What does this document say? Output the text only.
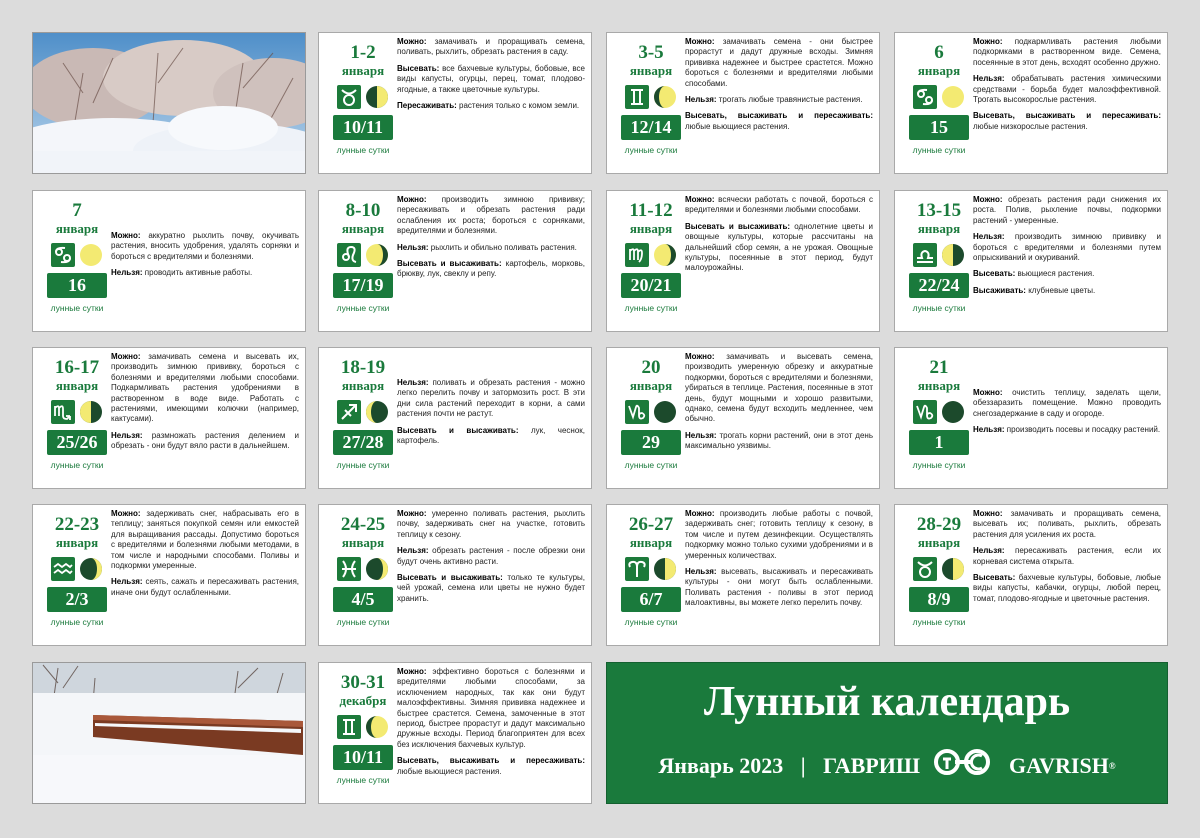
Лунный календарь
Январь 2023 | ГАВРИШ	GAVRISH®
1-2
января
10/11
лунные сутки

Можно: замачивать и проращивать семена, поливать, рыхлить, обрезать растения в саду.

Высевать: все бахчевые культуры, бобовые, все виды капусты, огурцы, перец, томат, плодово-ягодные, а также цветочные культуры.

Пересаживать: растения только с комом земли.

3-5
января
12/14
лунные сутки

Можно: замачивать семена - они быстрее прорастут и дадут дружные всходы. Зимняя прививка надежнее и быстрее срастется. Можно бороться с болезнями и вредителями любыми способами.

Нельзя: трогать любые травянистые растения.

Высевать, высаживать и пересаживать: любые вьющиеся растения.

6
января
15
лунные сутки

Можно: подкармливать растения любыми подкормками в растворенном виде. Семена, посеянные в этот день, всходят особенно дружно.

Нельзя: обрабатывать растения химическими средствами - борьба будет малоэффективной. Трогать высокорослые растения.

Высевать, высаживать и пересаживать: любые низкорослые растения.

7
января
16
лунные сутки

Можно: аккуратно рыхлить почву, окучивать растения, вносить удобрения, удалять сорняки и бороться с вредителями и болезнями.

Нельзя: проводить активные работы.

8-10
января
17/19
лунные сутки

Можно: производить зимнюю прививку; пересаживать и обрезать растения ради ослабления их роста; бороться с сорняками, вредителями и болезнями.

Нельзя: рыхлить и обильно поливать растения.

Высевать и высаживать: картофель, морковь, брюкву, лук, свеклу и репу.

11-12
января
20/21
лунные сутки

Можно: всячески работать с почвой, бороться с вредителями и болезнями любыми способами.

Высевать и высаживать: однолетние цветы и овощные культуры, которые рассчитаны на дальнейший сбор семян, а не урожая. Овощные культуры, посеянные в этот период, будут малоурожайны.

13-15
января
22/24
лунные сутки

Можно: обрезать растения ради снижения их роста. Полив, рыхление почвы, подкормки растений - умеренные.

Нельзя: производить зимнюю прививку и бороться с вредителями и болезнями путем опрыскиваний и окуриваний.

Высевать: вьющиеся растения.

Высаживать: клубневые цветы.

16-17
января
25/26
лунные сутки

Можно: замачивать семена и высевать их, производить зимнюю прививку, бороться с болезнями и вредителями любыми способами. Подкармливать растения удобрениями в растворенном в воде виде. Работать с растениями, имеющими колючки (например, кактусами).

Нельзя: размножать растения делением и обрезать - они будут вяло расти в дальнейшем.

18-19
января
27/28
лунные сутки

Нельзя: поливать и обрезать растения - можно легко перелить почву и затормозить рост. В эти дни сила растений переходит в корни, а сами растения почти не растут.

Высевать и высаживать: лук, чеснок, картофель.

20
января
29
лунные сутки

Можно: замачивать и высевать семена, производить умеренную обрезку и аккуратные подкормки, бороться с вредителями и болезнями, убираться в теплице. Растения, посеянные в этот день, будут мощными и хорошо развитыми, однако, семена будут всходить медленнее, чем обычно.

Нельзя: трогать корни растений, они в этот день максимально уязвимы.

21
января
1
лунные сутки

Можно: очистить теплицу, заделать щели, обеззаразить помещение. Можно проводить снегозадержание в саду и огороде.

Нельзя: производить посевы и посадку растений.

22-23
января
2/3
лунные сутки

Можно: задерживать снег, набрасывать его в теплицу; заняться покупкой семян или емкостей для выращивания рассады. Допустимо бороться с вредителями и болезнями любыми методами, в том числе и народными способами. Поливы и подкормки умеренные.

Нельзя: сеять, сажать и пересаживать растения, иначе они будут ослабленными.

24-25
января
4/5
лунные сутки

Можно: умеренно поливать растения, рыхлить почву, задерживать снег на участке, готовить теплицу к сезону.

Нельзя: обрезать растения - после обрезки они будут очень активно расти.

Высевать и высаживать: только те культуры, чей урожай, семена или цветы не нужно будет хранить.

26-27
января
6/7
лунные сутки

Можно: производить любые работы с почвой, задерживать снег; готовить теплицу к сезону, в том числе и путем дезинфекции. Осуществлять подкормку можно только сухими удобрениями и в умеренных количествах.

Нельзя: высевать, высаживать и пересаживать культуры - они могут быть ослабленными. Поливать растения - поливы в этот период малоактивны, вы можете легко перелить почву.

28-29
января
8/9
лунные сутки

Можно: замачивать и проращивать семена, высевать их; поливать, рыхлить, обрезать растения для усиления их роста.

Нельзя: пересаживать растения, если их корневая система открыта.

Высевать: бахчевые культуры, бобовые, любые виды капусты, кабачки, огурцы, любой перец, томат, плодово-ягодные и цветочные растения.

30-31
декабря
10/11
лунные сутки

Можно: эффективно бороться с болезнями и вредителями любыми способами, за исключением народных, так как они будут малоэффективны. Зимняя прививка надежнее и быстрее срастется. Семена, замоченные в этот период, быстрее прорастут и дадут максимально дружные всходы. Период благоприятен для всех без исключения бахчевых культур.

Высевать, высаживать и пересаживать: любые вьющиеся растения.
